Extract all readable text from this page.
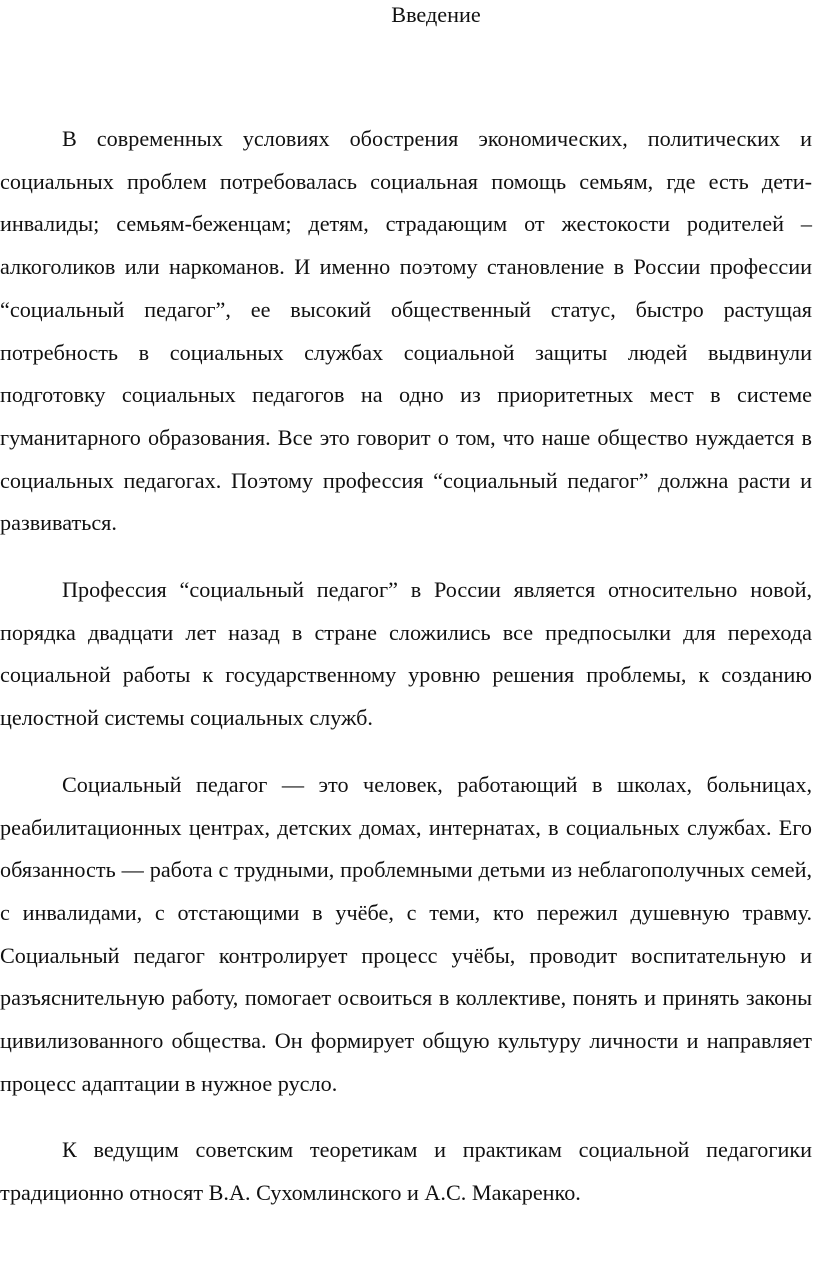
Введение

В современных условиях обострения экономических, политических и социальных проблем потребовалась социальная помощь семьям, где есть дети-инвалиды; семьям-беженцам; детям, страдающим от жестокости родителей – алкоголиков или наркоманов. И именно поэтому становление в России профессии “социальный педагог”, ее высокий общественный статус, быстро растущая потребность в социальных службах социальной защиты людей выдвинули подготовку социальных педагогов на одно из приоритетных мест в системе гуманитарного образования. Все это говорит о том, что наше общество нуждается в социальных педагогах. Поэтому профессия “социальный педагог” должна расти и развиваться.

Профессия “социальный педагог” в России является относительно новой, порядка двадцати лет назад в стране сложились все предпосылки для перехода социальной работы к государственному уровню решения проблемы, к созданию целостной системы социальных служб.

Социальный педагог — это человек, работающий в школах, больницах, реабилитационных центрах, детских домах, интернатах, в социальных службах. Его обязанность — работа с трудными, проблемными детьми из неблагополучных семей, с инвалидами, с отстающими в учёбе, с теми, кто пережил душевную травму. Социальный педагог контролирует процесс учёбы, проводит воспитательную и разъяснительную работу, помогает освоиться в коллективе, понять и принять законы цивилизованного общества. Он формирует общую культуру личности и направляет процесс адаптации в нужное русло.

К ведущим советским теоретикам и практикам социальной педагогики традиционно относят В.А. Сухомлинского и А.С. Макаренко.
